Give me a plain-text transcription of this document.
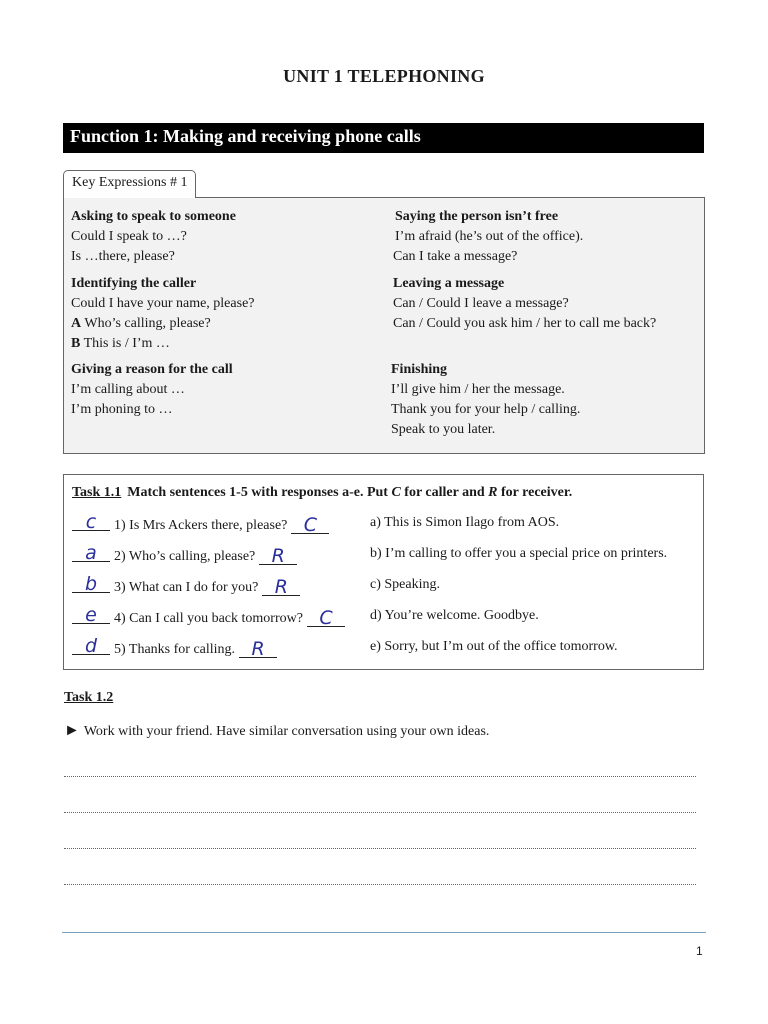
UNIT 1 TELEPHONING
Function 1: Making and receiving phone calls
Key Expressions # 1
Asking to speak to someone
Could I speak to …?
Is …there, please?
Identifying the caller
Could I have your name, please?
A Who’s calling, please?
B This is / I’m …
Giving a reason for the call
I’m calling about …
I’m phoning to …
Saying the person isn’t free
I’m afraid (he’s out of the office).
Can I take a message?
Leaving a message
Can / Could I leave a message?
Can / Could you ask him / her to call me back?
Finishing
I’ll give him / her the message.
Thank you for your help / calling.
Speak to you later.
Task 1.1 Match sentences 1-5 with responses a-e. Put C for caller and R for receiver.
c	1) Is Mrs Ackers there, please? C	a) This is Simon Ilago from AOS.
a	2) Who’s calling, please? R	b) I’m calling to offer you a special price on printers.
b	3) What can I do for you? R	c) Speaking.
e	4) Can I call you back tomorrow? C	d) You’re welcome. Goodbye.
d	5) Thanks for calling. R	e) Sorry, but I’m out of the office tomorrow.
Task 1.2
► Work with your friend. Have similar conversation using your own ideas.
1
